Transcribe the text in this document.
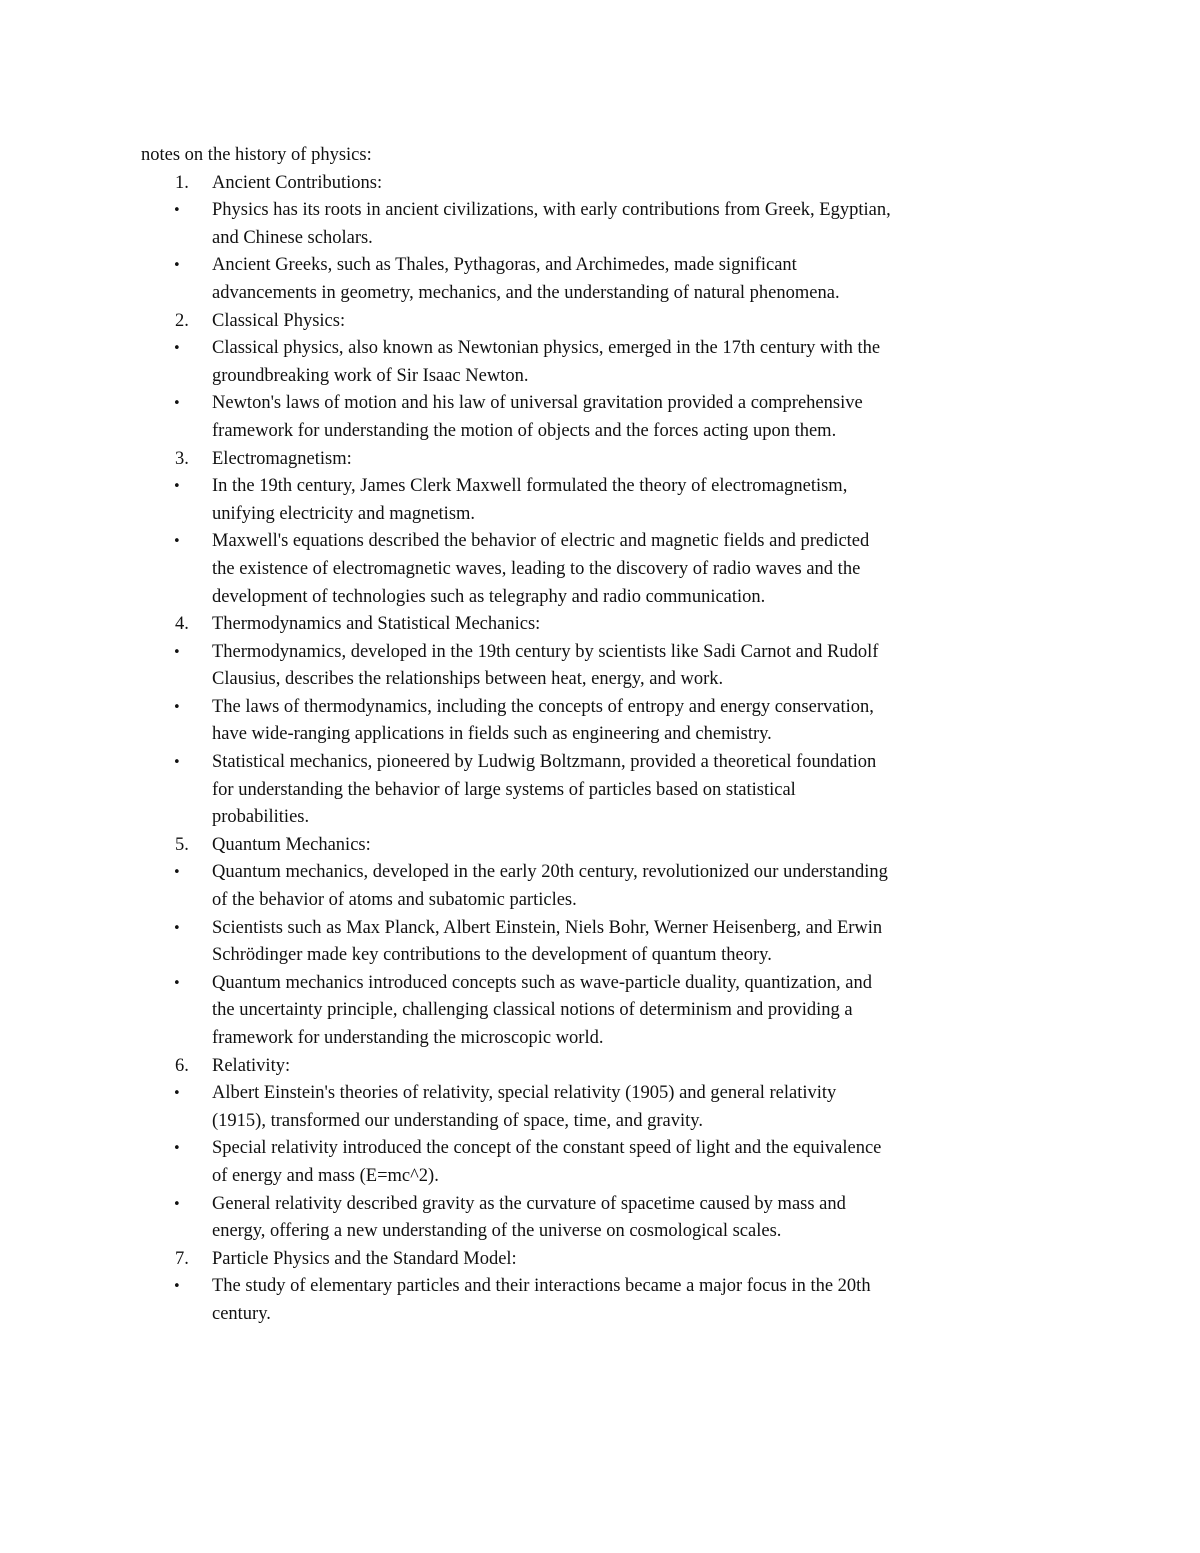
notes on the history of physics:
1.	Ancient Contributions:
•	Physics has its roots in ancient civilizations, with early contributions from Greek, Egyptian,
and Chinese scholars.
•	Ancient Greeks, such as Thales, Pythagoras, and Archimedes, made significant
advancements in geometry, mechanics, and the understanding of natural phenomena.
2.	Classical Physics:
•	Classical physics, also known as Newtonian physics, emerged in the 17th century with the
groundbreaking work of Sir Isaac Newton.
•	Newton's laws of motion and his law of universal gravitation provided a comprehensive
framework for understanding the motion of objects and the forces acting upon them.
3.	Electromagnetism:
•	In the 19th century, James Clerk Maxwell formulated the theory of electromagnetism,
unifying electricity and magnetism.
•	Maxwell's equations described the behavior of electric and magnetic fields and predicted
the existence of electromagnetic waves, leading to the discovery of radio waves and the
development of technologies such as telegraphy and radio communication.
4.	Thermodynamics and Statistical Mechanics:
•	Thermodynamics, developed in the 19th century by scientists like Sadi Carnot and Rudolf
Clausius, describes the relationships between heat, energy, and work.
•	The laws of thermodynamics, including the concepts of entropy and energy conservation,
have wide-ranging applications in fields such as engineering and chemistry.
•	Statistical mechanics, pioneered by Ludwig Boltzmann, provided a theoretical foundation
for understanding the behavior of large systems of particles based on statistical
probabilities.
5.	Quantum Mechanics:
•	Quantum mechanics, developed in the early 20th century, revolutionized our understanding
of the behavior of atoms and subatomic particles.
•	Scientists such as Max Planck, Albert Einstein, Niels Bohr, Werner Heisenberg, and Erwin
Schrödinger made key contributions to the development of quantum theory.
•	Quantum mechanics introduced concepts such as wave-particle duality, quantization, and
the uncertainty principle, challenging classical notions of determinism and providing a
framework for understanding the microscopic world.
6.	Relativity:
•	Albert Einstein's theories of relativity, special relativity (1905) and general relativity
(1915), transformed our understanding of space, time, and gravity.
•	Special relativity introduced the concept of the constant speed of light and the equivalence
of energy and mass (E=mc^2).
•	General relativity described gravity as the curvature of spacetime caused by mass and
energy, offering a new understanding of the universe on cosmological scales.
7.	Particle Physics and the Standard Model:
•	The study of elementary particles and their interactions became a major focus in the 20th
century.
